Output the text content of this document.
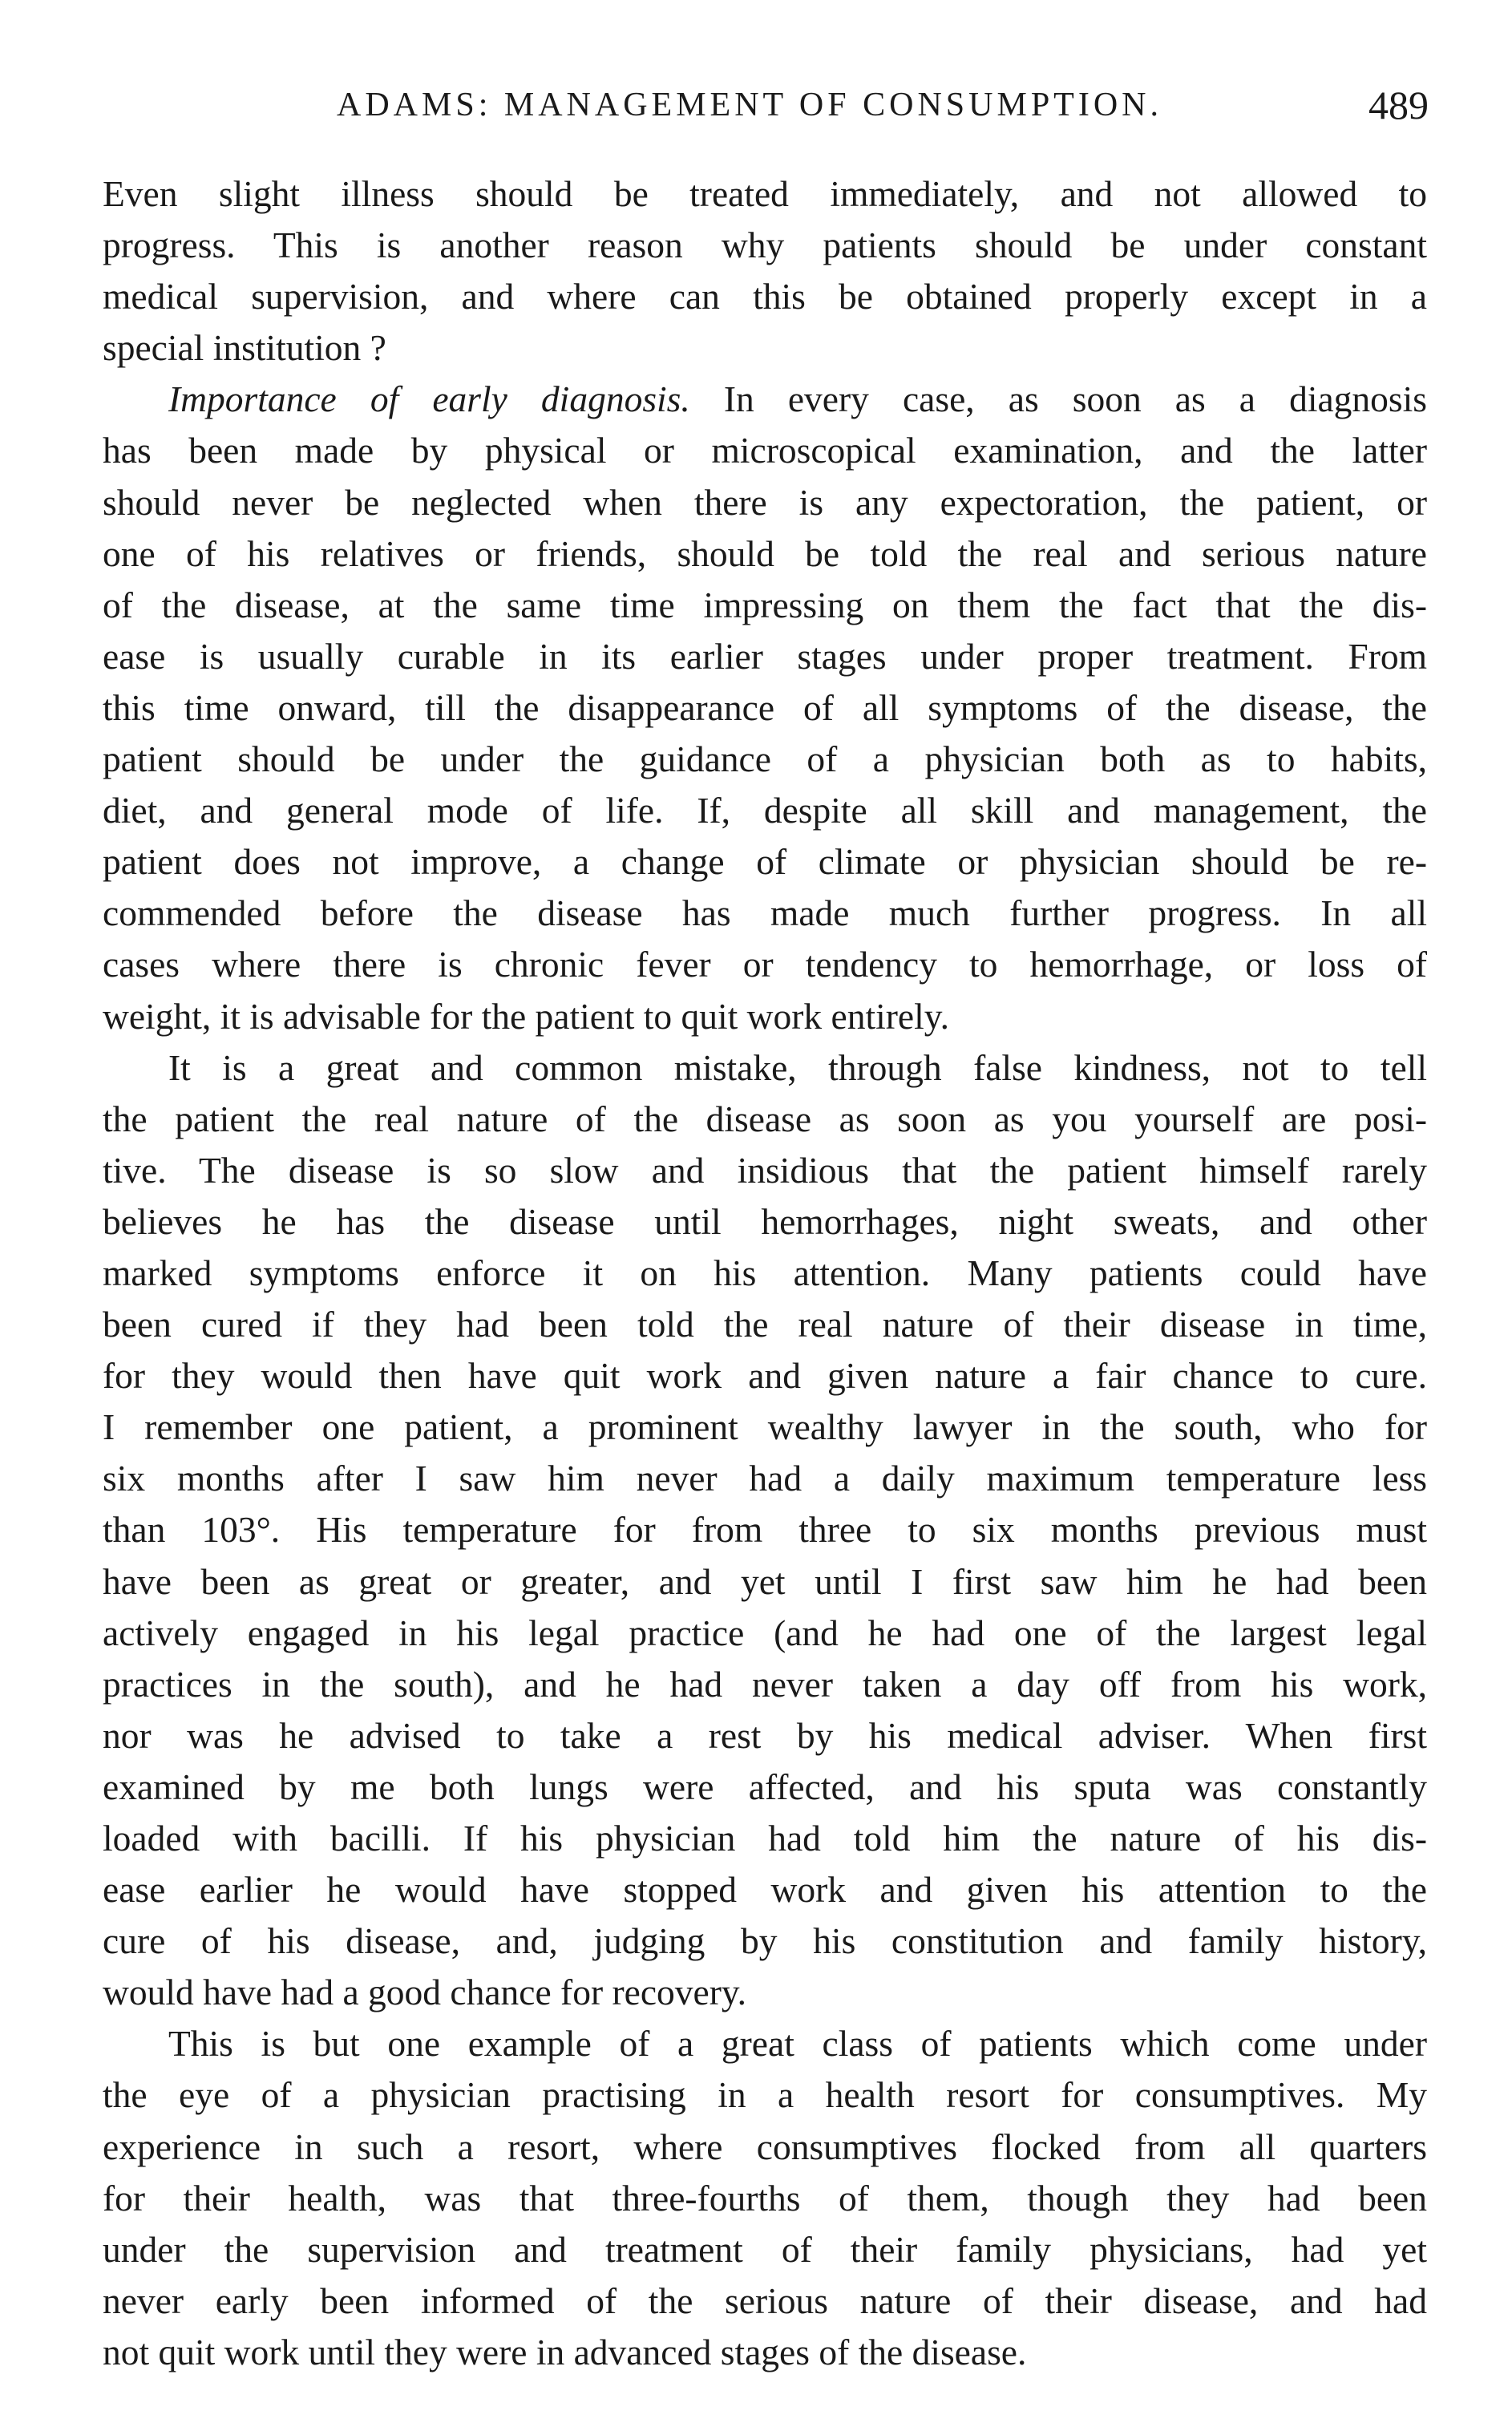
ADAMS: MANAGEMENT OF CONSUMPTION.	489
Even slight illness should be treated immediately, and not allowed to
progress. This is another reason why patients should be under constant
medical supervision, and where can this be obtained properly except in a
special institution ?
Importance of early diagnosis. In every case, as soon as a diagnosis
has been made by physical or microscopical examination, and the latter
should never be neglected when there is any expectoration, the patient, or
one of his relatives or friends, should be told the real and serious nature
of the disease, at the same time impressing on them the fact that the dis-
ease is usually curable in its earlier stages under proper treatment. From
this time onward, till the disappearance of all symptoms of the disease, the
patient should be under the guidance of a physician both as to habits,
diet, and general mode of life. If, despite all skill and management, the
patient does not improve, a change of climate or physician should be re-
commended before the disease has made much further progress. In all
cases where there is chronic fever or tendency to hemorrhage, or loss of
weight, it is advisable for the patient to quit work entirely.
It is a great and common mistake, through false kindness, not to tell
the patient the real nature of the disease as soon as you yourself are posi-
tive. The disease is so slow and insidious that the patient himself rarely
believes he has the disease until hemorrhages, night sweats, and other
marked symptoms enforce it on his attention. Many patients could have
been cured if they had been told the real nature of their disease in time,
for they would then have quit work and given nature a fair chance to cure.
I remember one patient, a prominent wealthy lawyer in the south, who for
six months after I saw him never had a daily maximum temperature less
than 103°. His temperature for from three to six months previous must
have been as great or greater, and yet until I first saw him he had been
actively engaged in his legal practice (and he had one of the largest legal
practices in the south), and he had never taken a day off from his work,
nor was he advised to take a rest by his medical adviser. When first
examined by me both lungs were affected, and his sputa was constantly
loaded with bacilli. If his physician had told him the nature of his dis-
ease earlier he would have stopped work and given his attention to the
cure of his disease, and, judging by his constitution and family history,
would have had a good chance for recovery.
This is but one example of a great class of patients which come under
the eye of a physician practising in a health resort for consumptives. My
experience in such a resort, where consumptives flocked from all quarters
for their health, was that three-fourths of them, though they had been
under the supervision and treatment of their family physicians, had yet
never early been informed of the serious nature of their disease, and had
not quit work until they were in advanced stages of the disease.
